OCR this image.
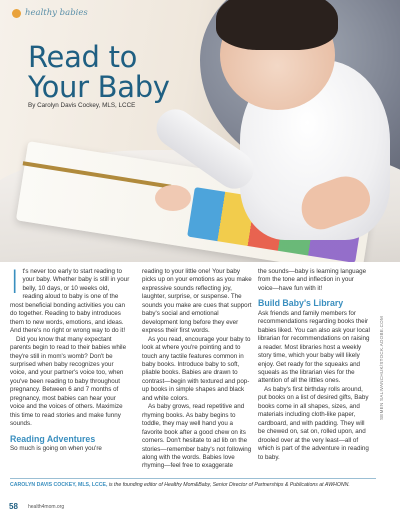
healthy babies
Read to
Your Baby
By Carolyn Davis Cockey, MLS, LCCE
I t's never too early to start reading to your baby. Whether baby is still in your belly, 10 days, or 10 weeks old, reading aloud to baby is one of the most beneficial bonding activities you can do together. Reading to baby introduces them to new words, emotions, and ideas. And there's no right or wrong way to do it!

Did you know that many expectant parents begin to read to their babies while they're still in mom's womb? Don't be surprised when baby recognizes your voice, and your partner's voice too, when you've been reading to baby throughout pregnancy. Between 6 and 7 months of pregnancy, most babies can hear your voice and the voices of others. Maximize this time to read stories and make funny sounds.

Reading Adventures

So much is going on when you're

reading to your little one! Your baby picks up on your emotions as you make expressive sounds reflecting joy, laughter, surprise, or suspense. The sounds you make are cues that support baby's social and emotional development long before they ever express their first words.

As you read, encourage your baby to look at where you're pointing and to touch any tactile features common in baby books. Introduce baby to soft, pliable books. Babies are drawn to contrast—begin with textured and pop-up books in simple shapes and black and white colors.

As baby grows, read repetitive and rhyming books. As baby begins to toddle, they may well hand you a favorite book after a good chew on its corners. Don't hesitate to ad lib on the stories—remember baby's not following along with the words. Babies love rhyming—feel free to exaggerate

the sounds—baby is learning language from the tone and inflection in your voice—have fun with it!

Build Baby's Library

Ask friends and family members for recommendations regarding books their babies liked. You can also ask your local librarian for recommendations on raising a reader. Most libraries host a weekly story time, which your baby will likely enjoy. Get ready for the squeaks and squeals as the librarian vies for the attention of all the littles ones.

As baby's first birthday rolls around, put books on a list of desired gifts, Baby books come in all shapes, sizes, and materials including cloth-like paper, cardboard, and with padding. They will be chewed on, sat on, rolled upon, and drooled over at the very least—all of which is part of the adventure in reading to baby.

SEMEN SALIVANCHUK/STOCK.ADOBE.COM
CAROLYN DAVIS COCKEY, MLS, LCCE, is the founding editor of Healthy Mom&Baby, Senior Director of Partnerships & Publications at AWHONN.
58 health4mom.org
